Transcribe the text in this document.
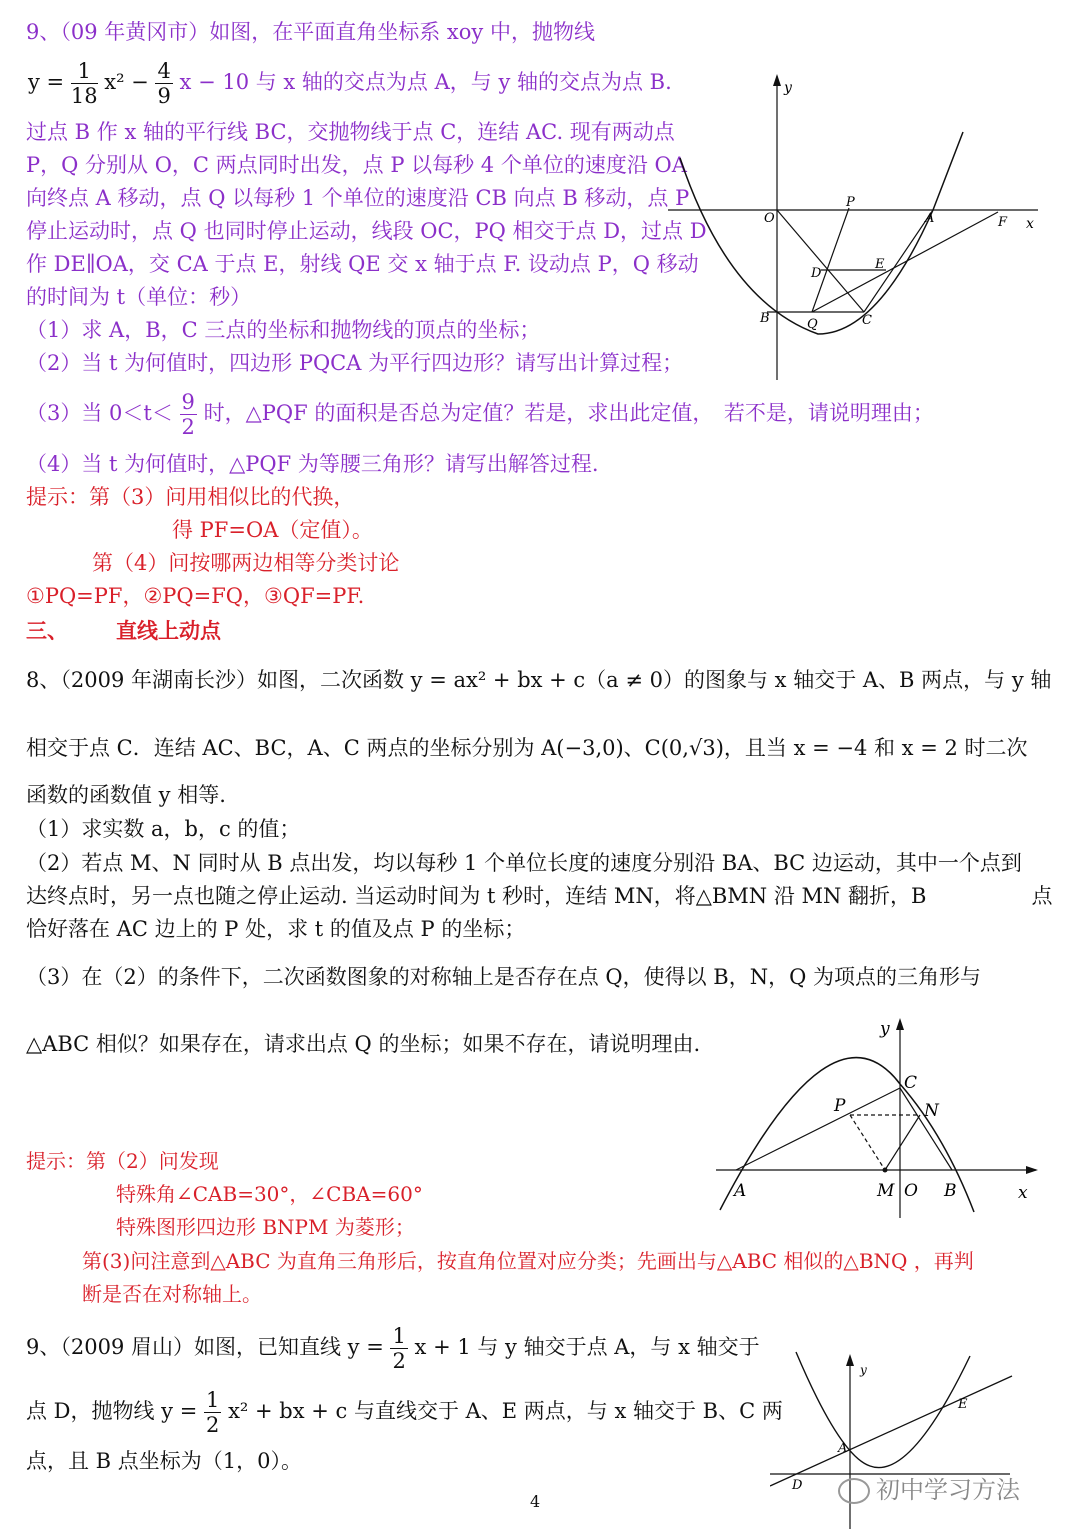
9、（09 年黄冈市）如图，在平面直角坐标系 xoy 中，抛物线
$y = \frac{1}{18} x^2 - \frac{4}{9}$ x − 10 与 x 轴的交点为点 A，与 y 轴的交点为点 B.
过点 B 作 x 轴的平行线 BC，交抛物线于点 C，连结 AC. 现有两动点
P，Q 分别从 O，C 两点同时出发，点 P 以每秒 4 个单位的速度沿 OA
向终点 A 移动，点 Q 以每秒 1 个单位的速度沿 CB 向点 B 移动，点 P
停止运动时，点 Q 也同时停止运动，线段 OC，PQ 相交于点 D，过点 D
作 DE∥OA，交 CA 于点 E，射线 QE 交 x 轴于点 F. 设动点 P，Q 移动
的时间为 t（单位：秒）
（1）求 A，B，C 三点的坐标和抛物线的顶点的坐标；
（2）当 t 为何值时，四边形 PQCA 为平行四边形？请写出计算过程；
（3）当 $0<t< \frac{9}{2}$ 时，△PQF 的面积是否总为定值？若是，求出此定值，　若不是，请说明理由；
（4）当 t 为何值时，△PQF 为等腰三角形？请写出解答过程.
提示：第（3）问用相似比的代换，
得 PF=OA（定值）。
第（4）问按哪两边相等分类讨论
①PQ=PF，②PQ=FQ，③QF=PF.
y
x
O	A	F
P
D
E
B	Q	C
三、 直线上动点
8、（2009 年湖南长沙）如图，二次函数 y = ax² + bx + c（a ≠ 0）的图象与 x 轴交于 A、B 两点，与 y 轴
相交于点 C．连结 AC、BC，A、C 两点的坐标分别为 A(−3,0)、C(0,√3)，且当 x = −4 和 x = 2 时二次
函数的函数值 y 相等.
（1）求实数 a，b，c 的值；
（2）若点 M、N 同时从 B 点出发，均以每秒 1 个单位长度的速度分别沿 BA、BC 边运动，其中一个点到
达终点时，另一点也随之停止运动. 当运动时间为 t 秒时，连结 MN，将△BMN 沿 MN 翻折，B　　　　　点
恰好落在 AC 边上的 P 处，求 t 的值及点 P 的坐标；
（3）在（2）的条件下，二次函数图象的对称轴上是否存在点 Q，使得以 B，N，Q 为项点的三角形与
△ABC 相似？如果存在，请求出点 Q 的坐标；如果不存在，请说明理由.
提示：第（2）问发现
特殊角∠CAB=30°，∠CBA=60°
特殊图形四边形 BNPM 为菱形；
第(3)问注意到△ABC 为直角三角形后，按直角位置对应分类；先画出与△ABC 相似的△BNQ ，再判
断是否在对称轴上。
y
x
A	M O B
C
N
P
9、（2009 眉山）如图，已知直线 $y = \frac{1}{2}$ x + 1 与 y 轴交于点 A，与 x 轴交于
点 D，抛物线 $y = \frac{1}{2} x^2$ + bx + c 与直线交于 A、E 两点，与 x 轴交于 B、C 两
点，且 B 点坐标为（1，0）。
y
A
D
E
4	初中学习方法
